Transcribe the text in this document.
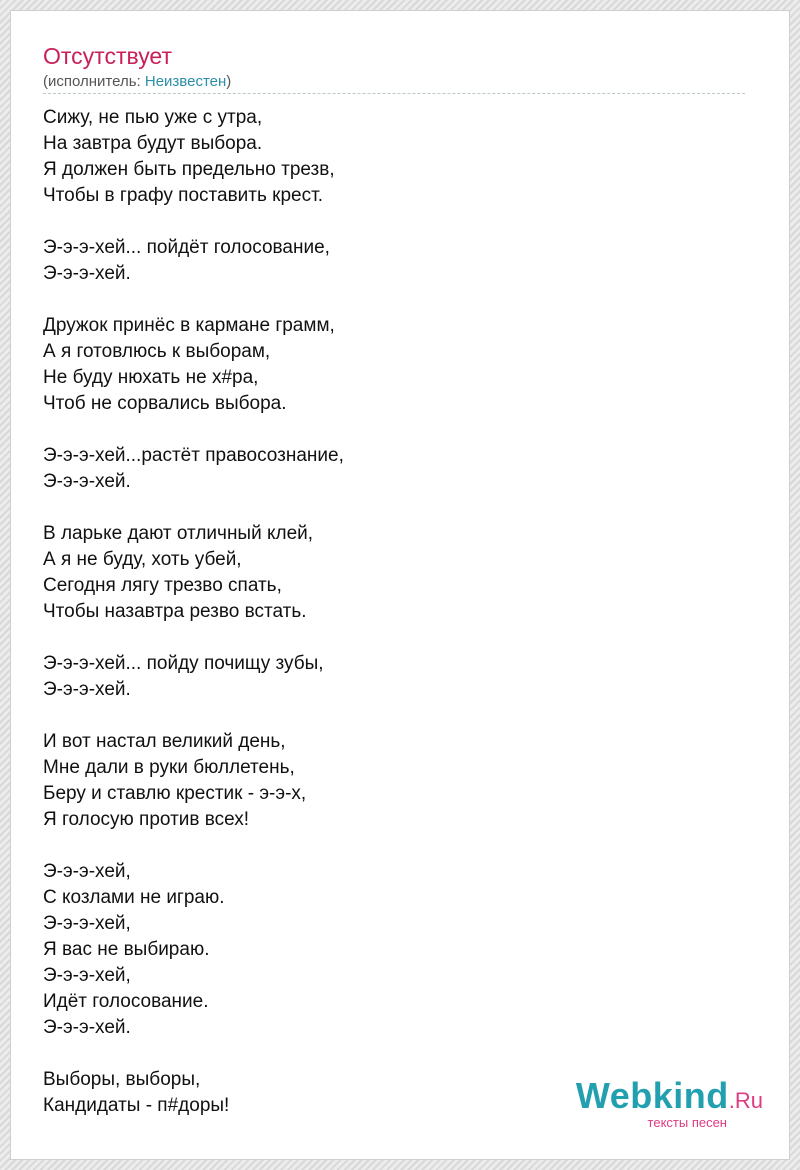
Отсутствует
(исполнитель: Неизвестен)
Сижу, не пью уже с утра,
На завтра будут выбора.
Я должен быть предельно трезв,
Чтобы в графу поставить крест.
Э-э-э-хей... пойдёт голосование,
Э-э-э-хей.
Дружок принёс в кармане грамм,
А я готовлюсь к выборам,
Не буду нюхать не х#ра,
Чтоб не сорвались выбора.
Э-э-э-хей...растёт правосознание,
Э-э-э-хей.
В ларьке дают отличный клей,
А я не буду, хоть убей,
Сегодня лягу трезво спать,
Чтобы назавтра резво встать.
Э-э-э-хей... пойду почищу зубы,
Э-э-э-хей.
И вот настал великий день,
Мне дали в руки бюллетень,
Беру и ставлю крестик - э-э-х,
Я голосую против всех!
Э-э-э-хей,
С козлами не играю.
Э-э-э-хей,
Я вас не выбираю.
Э-э-э-хей,
Идёт голосование.
Э-э-э-хей.
Выборы, выборы,
Кандидаты - п#доры!	Webkind.Ru
тексты песен
